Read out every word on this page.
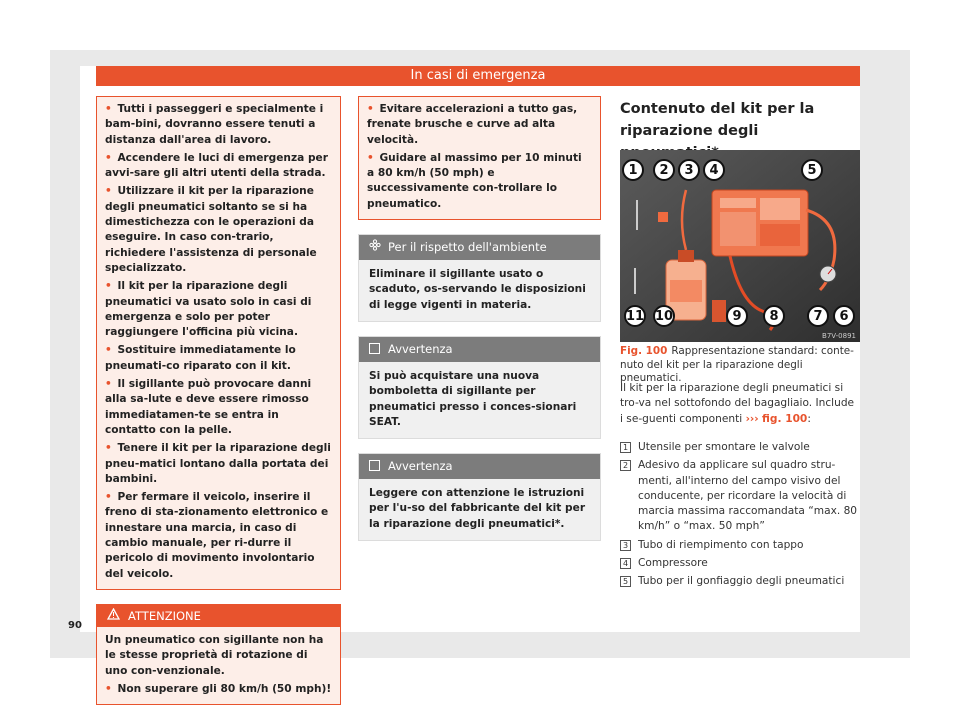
In casi di emergenza
• Tutti i passeggeri e specialmente i bam-bini, dovranno essere tenuti a distanza dall'area di lavoro.
• Accendere le luci di emergenza per avvi-sare gli altri utenti della strada.
• Utilizzare il kit per la riparazione degli pneumatici soltanto se si ha dimestichezza con le operazioni da eseguire. In caso con-trario, richiedere l'assistenza di personale specializzato.
• Il kit per la riparazione degli pneumatici va usato solo in casi di emergenza e solo per poter raggiungere l'officina più vicina.
• Sostituire immediatamente lo pneumati-co riparato con il kit.
• Il sigillante può provocare danni alla sa-lute e deve essere rimosso immediatamen-te se entra in contatto con la pelle.
• Tenere il kit per la riparazione degli pneu-matici lontano dalla portata dei bambini.
• Per fermare il veicolo, inserire il freno di sta-zionamento elettronico e innestare una marcia, in caso di cambio manuale, per ri-durre il pericolo di movimento involontario del veicolo.
ATTENZIONE
Un pneumatico con sigillante non ha le stesse proprietà di rotazione di uno con-venzionale.
• Non superare gli 80 km/h (50 mph)!
• Evitare accelerazioni a tutto gas, frenate brusche e curve ad alta velocità.
• Guidare al massimo per 10 minuti a 80 km/h (50 mph) e successivamente con-trollare lo pneumatico.
Per il rispetto dell'ambiente
Eliminare il sigillante usato o scaduto, os-servando le disposizioni di legge vigenti in materia.
Avvertenza
Si può acquistare una nuova bomboletta di sigillante per pneumatici presso i conces-sionari SEAT.
Avvertenza
Leggere con attenzione le istruzioni per l'u-so del fabbricante del kit per la riparazione degli pneumatici*.
Contenuto del kit per la riparazione degli
1	2	3	4	5
6
7
8
9
10
11
B7V-0891
Fig. 100 Rappresentazione standard: conte-nuto del kit per la riparazione degli pneumatici.
Il kit per la riparazione degli pneumatici si tro-va nel sottofondo del bagagliaio. Include i se-guenti componenti ››› fig. 100:
1 Utensile per smontare le valvole
2 Adesivo da applicare sul quadro stru-menti, all'interno del campo visivo del conducente, per ricordare la velocità di marcia massima raccomandata “max. 80 km/h” o “max. 50 mph”
3 Tubo di riempimento con tappo
4 Compressore
5 Tubo per il gonfiaggio degli pneumatici
90
